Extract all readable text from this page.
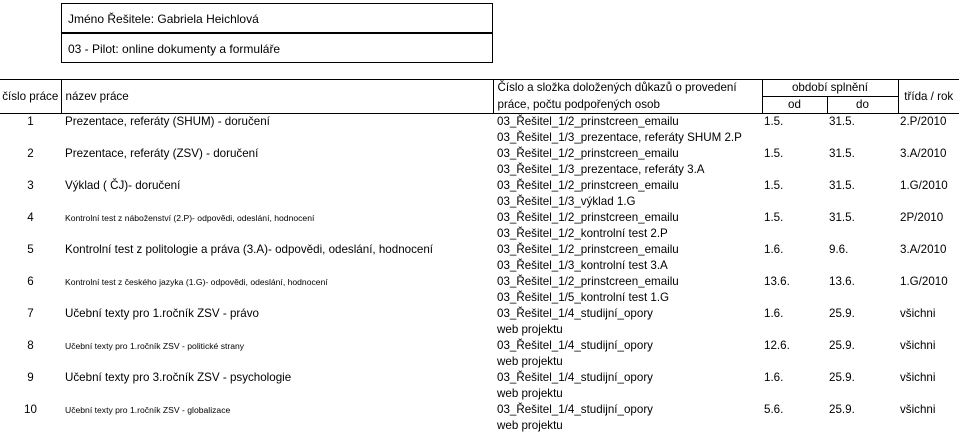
Jméno Řešitele: Gabriela Heichlová
03 - Pilot: online dokumenty a formuláře
číslo práce	název práce	Číslo a složka doložených důkazů o provedení	období splnění		třída / rok
		práce, počtu podpořených osob	od	do	
1	Prezentace, referáty (SHUM) - doručení	03_Řešitel_1/2_prinstcreen_emailu	1.5.	31.5.	2.P/2010
		03_Řešitel_1/3_prezentace, referáty SHUM 2.P			
2	Prezentace, referáty (ZSV) - doručení	03_Řešitel_1/2_prinstcreen_emailu	1.5.	31.5.	3.A/2010
		03_Řešitel_1/3_prezentace, referáty 3.A			
3	Výklad ( ČJ)- doručení	03_Řešitel_1/2_prinstcreen_emailu	1.5.	31.5.	1.G/2010
		03_Řešitel_1/3_výklad 1.G			
4	Kontrolní test z náboženství (2.P)- odpovědi, odeslání, hodnocení	03_Řešitel_1/2_prinstcreen_emailu	1.5.	31.5.	2P/2010
		03_Řešitel_1/2_kontrolní test 2.P			
5	Kontrolní test z politologie a práva (3.A)- odpovědi, odeslání, hodnocení	03_Řešitel_1/2_prinstcreen_emailu	1.6.	9.6.	3.A/2010
		03_Řešitel_1/3_kontrolní test 3.A			
6	Kontrolní test z českého jazyka (1.G)- odpovědi, odeslání, hodnocení	03_Řešitel_1/2_prinstcreen_emailu	13.6.	13.6.	1.G/2010
		03_Řešitel_1/5_kontrolní test 1.G			
7	Učební texty pro 1.ročník ZSV - právo	03_Řešitel_1/4_studijní_opory	1.6.	25.9.	všichni
		web projektu			
8	Učební texty pro 1.ročník ZSV - politické strany	03_Řešitel_1/4_studijní_opory	12.6.	25.9.	všichni
		web projektu			
9	Učební texty pro 3.ročník ZSV - psychologie	03_Řešitel_1/4_studijní_opory	1.6.	25.9.	všichni
		web projektu			
10	Učební texty pro 1.ročník ZSV - globalizace	03_Řešitel_1/4_studijní_opory	5.6.	25.9.	všichni
		web projektu			
